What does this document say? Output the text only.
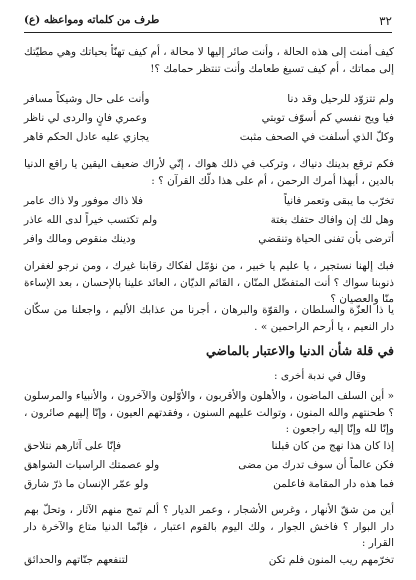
٣٢
طرف من كلماته ومواعظه (ع)
كيف أمنت إلى هذه الحالة ، وأنت صائر إليها لا محالة ، أم كيف تهنّأ بحياتك وهي مطيّتك إلى مماتك ، أم كيف تسيغ طعامك وأنت تنتظر حمامك ؟!
ولم تتزوّد للرحيل وقد دنا
وأنت على حال وشيكاً مسافر
فيا ويح نفسي كم أسوّف توبتي
وعمري فانٍ والردى لي ناظر
وكلّ الذي أسلفت في الصحف مثبت
يجازي عليه عادل الحكم قاهر
فكم ترقع بدينك دنياك ، وتركب في ذلك هواك ، إنّي لأراك ضعيف اليقين يا راقع الدنيا بالدين ، أبهذا أمرك الرحمن ، أم على هذا دلّك القرآن ؟ :
تخرّب ما يبقى وتعمر فانياً
فلا ذاك موفور ولا ذاك عامر
وهل لك إن وافاك حتفك بغتة
ولم تكتسب خيراً لدى الله عاذر
أترضى بأن تفنى الحياة وتنقضي
ودينك منقوص ومالك وافر
فبك إلهنا نستجير ، يا عليم يا خبير ، من نؤمّل لفكاك رقابنا غيرك ، ومن نرجو لغفران ذنوبنا سواك ؟ أنت المتفضّل المنّان ، القائم الديّان ، العائد علينا بالإحسان ، بعد الإساءة منّا والعصيان ؟
يا ذا العزّة والسلطان ، والقوّة والبرهان ، أجرنا من عذابك الأليم ، واجعلنا من سكّان دار النعيم ، يا أرحم الراحمين » .
في قلة شأن الدنيا والاعتبار بالماضي
وقال في ندبة أخرى :
« أين السلف الماضون ، والأهلون والأقربون ، والأوّلون والآخرون ، والأنبياء والمرسلون ؟ طحنتهم والله المنون ، وتوالت عليهم السنون ، وفقدتهم العيون ، وإنّا إليهم صائرون ، وإنّا لله وإنّا إليه راجعون :
إذا كان هذا نهج من كان قبلنا
فإنّا على آثارهم نتلاحق
فكن عالماً أن سوف تدرك من مضى
ولو عصمتك الراسيات الشواهق
فما هذه دار المقامة فاعلمن
ولو عمّر الإنسان ما ذرّ شارق
أين من شقّ الأنهار ، وغرس الأشجار ، وعمر الديار ؟ ألم تمح منهم الآثار ، وتحلّ بهم دار البوار ؟ فاخش الجوار ، ولك اليوم بالقوم اعتبار ، فإنّما الدنيا متاع والآخرة دار القرار :
تخرّمهم ريب المنون فلم تكن
لتنفعهم جنّاتهم والحدائق
